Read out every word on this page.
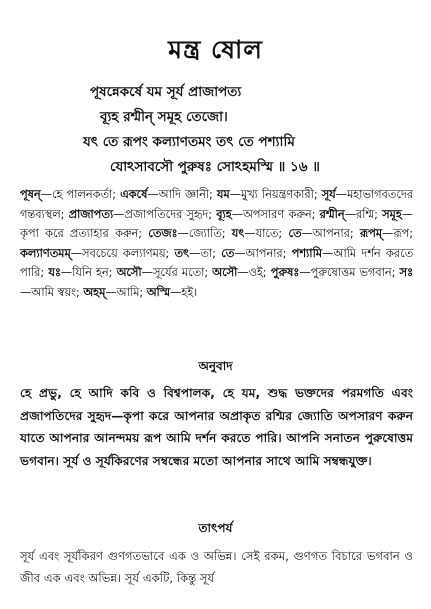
মন্ত্র ষোল
পূষন্নেকর্ষে যম সূর্য প্রাজাপত্য
ব্যূহ রশ্মীন্ সমূহ তেজো।
যৎ তে রূপং কল্যাণতমং তৎ তে পশ্যামি
যোঽসাবসৌ পুরুষঃ সোঽহমস্মি ॥ ১৬ ॥
পূষন্—হে পালনকর্তা; একর্ষে—আদি জ্ঞানী; যম—মুখ্য নিয়ন্ত্রণকারী; সূর্য—মহাভাগবতদের গন্তব্যস্থল; প্রাজাপত্য—প্রজাপতিদের সুহৃদ; ব্যূহ—অপসারণ করুন; রশ্মীন্—রশ্মি; সমূহ—কৃপা করে প্রত্যাহার করুন; তেজঃ—জ্যোতি; যৎ—যাতে; তে—আপনার; রূপম্—রূপ; কল্যাণতমম্—সবচেয়ে কল্যাণময়; তৎ—তা; তে—আপনার; পশ্যামি—আমি দর্শন করতে পারি; যঃ—যিনি হন; অসৌ—সূর্যের মতো; অসৌ—ওই; পুরুষঃ—পুরুষোত্তম ভগবান; সঃ—আমি স্বয়ং; অহম্—আমি; অস্মি—হই।
অনুবাদ
হে প্রভু, হে আদি কবি ও বিশ্বপালক, হে যম, শুদ্ধ ভক্তদের পরমগতি এবং প্রজাপতিদের সুহৃদ—কৃপা করে আপনার অপ্রাকৃত রশ্মির জ্যোতি অপসারণ করুন যাতে আপনার আনন্দময় রূপ আমি দর্শন করতে পারি। আপনি সনাতন পুরুষোত্তম ভগবান। সূর্য ও সূর্যকিরণের সম্বন্ধের মতো আপনার সাথে আমি সম্বন্ধযুক্ত।
তাৎপর্য
সূর্য এবং সূর্যকিরণ গুণগতভাবে এক ও অভিন্ন। সেই রকম, গুণগত বিচারে ভগবান ও জীব এক এবং অভিন্ন। সূর্য একটি, কিন্তু সূর্য
